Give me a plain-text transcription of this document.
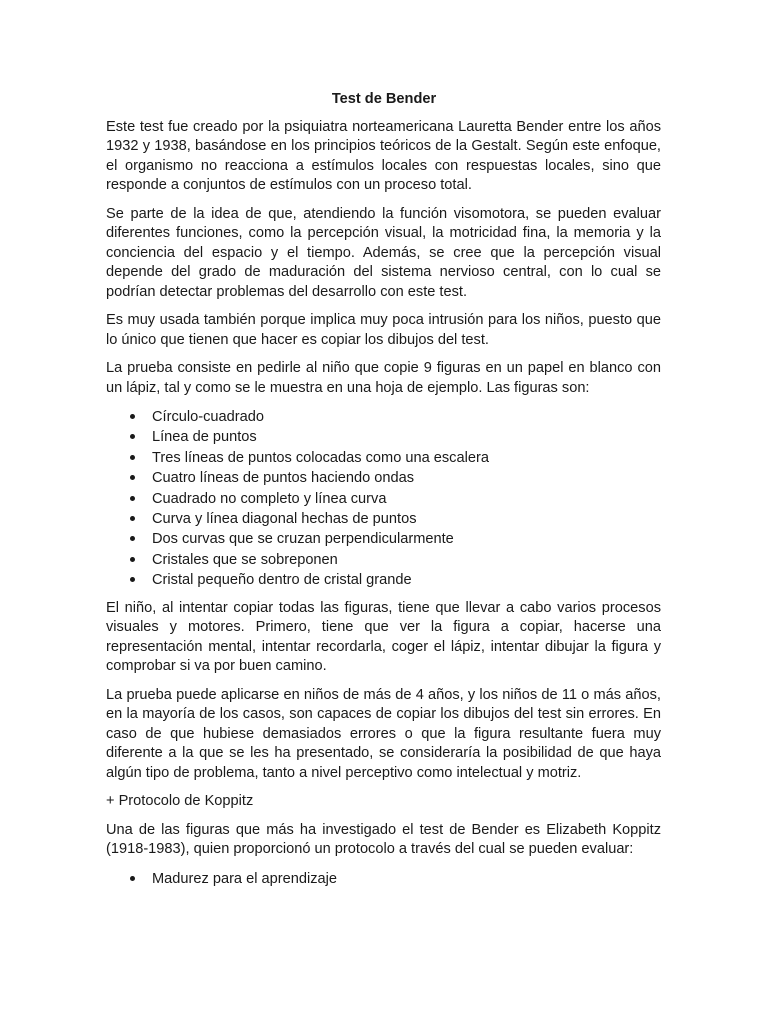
Test de Bender

Este test fue creado por la psiquiatra norteamericana Lauretta Bender entre los años 1932 y 1938, basándose en los principios teóricos de la Gestalt. Según este enfoque, el organismo no reacciona a estímulos locales con respuestas locales, sino que responde a conjuntos de estímulos con un proceso total.

Se parte de la idea de que, atendiendo la función visomotora, se pueden evaluar diferentes funciones, como la percepción visual, la motricidad fina, la memoria y la conciencia del espacio y el tiempo. Además, se cree que la percepción visual depende del grado de maduración del sistema nervioso central, con lo cual se podrían detectar problemas del desarrollo con este test.

Es muy usada también porque implica muy poca intrusión para los niños, puesto que lo único que tienen que hacer es copiar los dibujos del test.

La prueba consiste en pedirle al niño que copie 9 figuras en un papel en blanco con un lápiz, tal y como se le muestra en una hoja de ejemplo. Las figuras son:

Círculo-cuadrado
Línea de puntos
Tres líneas de puntos colocadas como una escalera
Cuatro líneas de puntos haciendo ondas
Cuadrado no completo y línea curva
Curva y línea diagonal hechas de puntos
Dos curvas que se cruzan perpendicularmente
Cristales que se sobreponen
Cristal pequeño dentro de cristal grande

El niño, al intentar copiar todas las figuras, tiene que llevar a cabo varios procesos visuales y motores. Primero, tiene que ver la figura a copiar, hacerse una representación mental, intentar recordarla, coger el lápiz, intentar dibujar la figura y comprobar si va por buen camino.

La prueba puede aplicarse en niños de más de 4 años, y los niños de 11 o más años, en la mayoría de los casos, son capaces de copiar los dibujos del test sin errores. En caso de que hubiese demasiados errores o que la figura resultante fuera muy diferente a la que se les ha presentado, se consideraría la posibilidad de que haya algún tipo de problema, tanto a nivel perceptivo como intelectual y motriz.

+ Protocolo de Koppitz

Una de las figuras que más ha investigado el test de Bender es Elizabeth Koppitz (1918-1983), quien proporcionó un protocolo a través del cual se pueden evaluar:

Madurez para el aprendizaje
